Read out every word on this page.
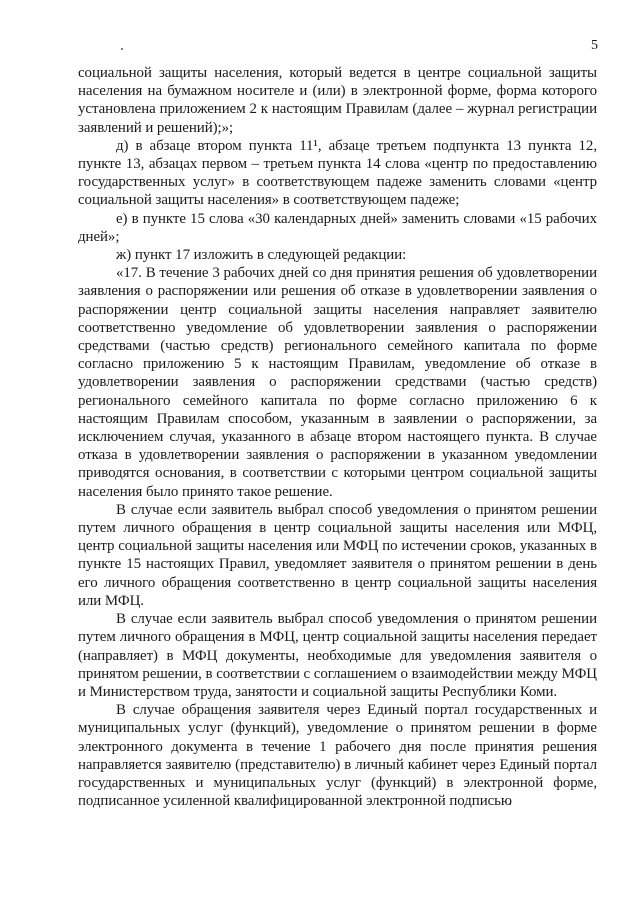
5

социальной защиты населения, который ведется в центре социальной защиты населения на бумажном носителе и (или) в электронной форме, форма которого установлена приложением 2 к настоящим Правилам (далее – журнал регистрации заявлений и решений);»;

д) в абзаце втором пункта 11¹, абзаце третьем подпункта 13 пункта 12, пункте 13, абзацах первом – третьем пункта 14 слова «центр по предоставлению государственных услуг» в соответствующем падеже заменить словами «центр социальной защиты населения» в соответствующем падеже;

е) в пункте 15 слова «30 календарных дней» заменить словами «15 рабочих дней»;

ж) пункт 17 изложить в следующей редакции:

«17. В течение 3 рабочих дней со дня принятия решения об удовлетворении заявления о распоряжении или решения об отказе в удовлетворении заявления о распоряжении центр социальной защиты населения направляет заявителю соответственно уведомление об удовлетворении заявления о распоряжении средствами (частью средств) регионального семейного капитала по форме согласно приложению 5 к настоящим Правилам, уведомление об отказе в удовлетворении заявления о распоряжении средствами (частью средств) регионального семейного капитала по форме согласно приложению 6 к настоящим Правилам способом, указанным в заявлении о распоряжении, за исключением случая, указанного в абзаце втором настоящего пункта. В случае отказа в удовлетворении заявления о распоряжении в указанном уведомлении приводятся основания, в соответствии с которыми центром социальной защиты населения было принято такое решение.

В случае если заявитель выбрал способ уведомления о принятом решении путем личного обращения в центр социальной защиты населения или МФЦ, центр социальной защиты населения или МФЦ по истечении сроков, указанных в пункте 15 настоящих Правил, уведомляет заявителя о принятом решении в день его личного обращения соответственно в центр социальной защиты населения или МФЦ.

В случае если заявитель выбрал способ уведомления о принятом решении путем личного обращения в МФЦ, центр социальной защиты населения передает (направляет) в МФЦ документы, необходимые для уведомления заявителя о принятом решении, в соответствии с соглашением о взаимодействии между МФЦ и Министерством труда, занятости и социальной защиты Республики Коми.

В случае обращения заявителя через Единый портал государственных и муниципальных услуг (функций), уведомление о принятом решении в форме электронного документа в течение 1 рабочего дня после принятия решения направляется заявителю (представителю) в личный кабинет через Единый портал государственных и муниципальных услуг (функций) в электронной форме, подписанное усиленной квалифицированной электронной подписью
